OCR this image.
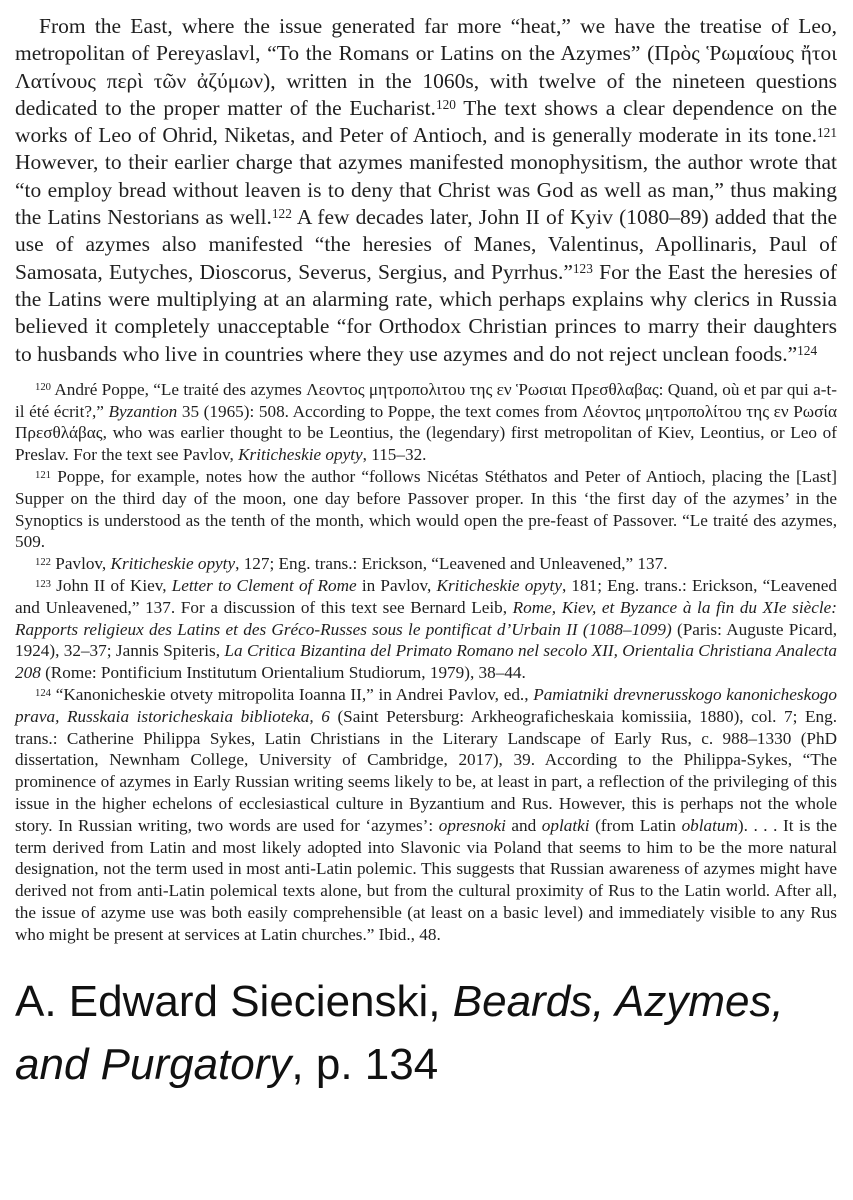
From the East, where the issue generated far more “heat,” we have the treatise of Leo, metropolitan of Pereyaslavl, “To the Romans or Latins on the Azymes” (Πρὸς Ῥωμαίους ἤτοι Λατίνους περὶ τῶν ἀζύμων), written in the 1060s, with twelve of the nineteen questions dedicated to the proper matter of the Eucharist.$^{120}$ The text shows a clear dependence on the works of Leo of Ohrid, Niketas, and Peter of Antioch, and is generally moderate in its tone.$^{121}$ However, to their earlier charge that azymes manifested monophysitism, the author wrote that “to employ bread without leaven is to deny that Christ was God as well as man,” thus making the Latins Nestorians as well.$^{122}$ A few decades later, John II of Kyiv (1080–89) added that the use of azymes also manifested “the heresies of Manes, Valentinus, Apollinaris, Paul of Samosata, Eutyches, Dioscorus, Severus, Sergius, and Pyrrhus.”$^{123}$ For the East the heresies of the Latins were multiplying at an alarming rate, which perhaps explains why clerics in Russia believed it completely unacceptable “for Orthodox Christian princes to marry their daughters to husbands who live in countries where they use azymes and do not reject unclean foods.”$^{124}$

$^{120}$ André Poppe, “Le traité des azymes Λεοντος μητροπολιτου της εν Ῥωσιαι Πρεσθλαβας: Quand, où et par qui a-t-il été écrit?,” Byzantion 35 (1965): 508. According to Poppe, the text comes from Λέοντος μητροπολίτου της εν Ρωσία Πρεσθλάβας, who was earlier thought to be Leontius, the (legendary) first metropolitan of Kiev, Leontius, or Leo of Preslav. For the text see Pavlov, Kriticheskie opyty, 115–32.

$^{121}$ Poppe, for example, notes how the author “follows Nicétas Stéthatos and Peter of Antioch, placing the [Last] Supper on the third day of the moon, one day before Passover proper. In this ‘the first day of the azymes’ in the Synoptics is understood as the tenth of the month, which would open the pre-feast of Passover. “Le traité des azymes, 509.

$^{122}$ Pavlov, Kriticheskie opyty, 127; Eng. trans.: Erickson, “Leavened and Unleavened,” 137.

$^{123}$ John II of Kiev, Letter to Clement of Rome in Pavlov, Kriticheskie opyty, 181; Eng. trans.: Erickson, “Leavened and Unleavened,” 137. For a discussion of this text see Bernard Leib, Rome, Kiev, et Byzance à la fin du XIe siècle: Rapports religieux des Latins et des Gréco-Russes sous le pontificat d’Urbain II (1088–1099) (Paris: Auguste Picard, 1924), 32–37; Jannis Spiteris, La Critica Bizantina del Primato Romano nel secolo XII, Orientalia Christiana Analecta 208 (Rome: Pontificium Institutum Orientalium Studiorum, 1979), 38–44.

$^{124}$ “Kanonicheskie otvety mitropolita Ioanna II,” in Andrei Pavlov, ed., Pamiatniki drevnerusskogo kanonicheskogo prava, Russkaia istoricheskaia biblioteka, 6 (Saint Petersburg: Arkheograficheskaia komissiia, 1880), col. 7; Eng. trans.: Catherine Philippa Sykes, Latin Christians in the Literary Landscape of Early Rus, c. 988–1330 (PhD dissertation, Newnham College, University of Cambridge, 2017), 39. According to the Philippa-Sykes, “The prominence of azymes in Early Russian writing seems likely to be, at least in part, a reflection of the privileging of this issue in the higher echelons of ecclesiastical culture in Byzantium and Rus. However, this is perhaps not the whole story. In Russian writing, two words are used for ‘azymes’: opresnoki and oplatki (from Latin oblatum). . . . It is the term derived from Latin and most likely adopted into Slavonic via Poland that seems to him to be the more natural designation, not the term used in most anti-Latin polemic. This suggests that Russian awareness of azymes might have derived not from anti-Latin polemical texts alone, but from the cultural proximity of Rus to the Latin world. After all, the issue of azyme use was both easily comprehensible (at least on a basic level) and immediately visible to any Rus who might be present at services at Latin churches.” Ibid., 48.

A. Edward Siecienski, Beards, Azymes, and Purgatory, p. 134
